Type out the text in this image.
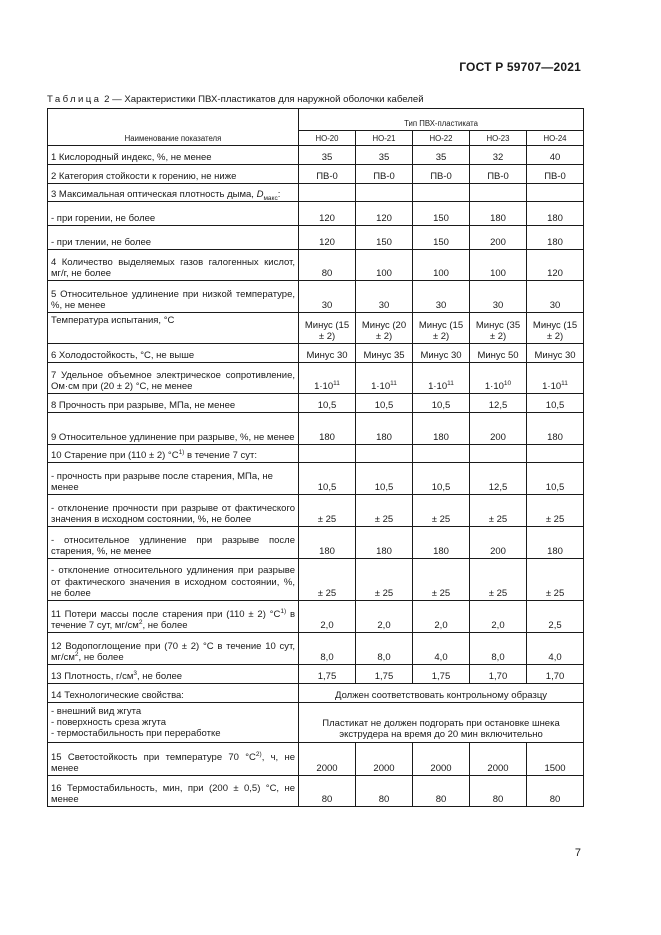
ГОСТ Р 59707—2021
Таблица 2 — Характеристики ПВХ-пластикатов для наружной оболочки кабелей
Наименование показателя	Тип ПВХ-пластиката				
	НО-20	НО-21	НО-22	НО-23	НО-24
1 Кислородный индекс, %, не менее	35	35	35	32	40
2 Категория стойкости к горению, не ниже	ПВ-0	ПВ-0	ПВ-0	ПВ-0	ПВ-0
3 Максимальная оптическая плотность дыма, $D_{макс}$:					
- при горении, не более	120	120	150	180	180
- при тлении, не более	120	150	150	200	180
4 Количество выделяемых газов галогенных кислот, мг/г, не более	80	100	100	100	120
5 Относительное удлинение при низкой температуре, %, не менее	30	30	30	30	30
Температура испытания, °С	Минус (15 ± 2)	Минус (20 ± 2)	Минус (15 ± 2)	Минус (35 ± 2)	Минус (15 ± 2)
6 Холодостойкость, °С, не выше	Минус 30	Минус 35	Минус 30	Минус 50	Минус 30
7 Удельное объемное электрическое сопротивление, Ом·см при (20 ± 2) °С, не менее	$1\cdot 10^{11}$	$1\cdot 10^{11}$	$1\cdot 10^{11}$	$1\cdot 10^{10}$	$1\cdot 10^{11}$
8 Прочность при разрыве, МПа, не менее	10,5	10,5	10,5	12,5	10,5
9 Относительное удлинение при разрыве, %, не менее	180	180	180	200	180
10 Старение при (110 ± 2) $^\circ С^{1)}$ в течение 7 сут:					
- прочность при разрыве после старения, МПа, не менее	10,5	10,5	10,5	12,5	10,5
- отклонение прочности при разрыве от фактического значения в исходном состоянии, %, не более	± 25	± 25	± 25	± 25	± 25
- относительное удлинение при разрыве после старения, %, не менее	180	180	180	200	180
- отклонение относительного удлинения при разрыве от фактического значения в исходном состоянии, %, не более	± 25	± 25	± 25	± 25	± 25
11 Потери массы после старения при (110 ± 2) $^\circ С^{1)}$ в течение 7 сут, $мг/см^2$, не более	2,0	2,0	2,0	2,0	2,5
12 Водопоглощение при (70 ± 2) °С в течение 10 сут, $мг/см^2$, не более	8,0	8,0	4,0	8,0	4,0
13 Плотность, $г/см^3$, не более	1,75	1,75	1,75	1,70	1,70
14 Технологические свойства:	Должен соответствовать контрольному образцу				

- внешний вид жгута
- поверхность среза жгута
- термостабильность при переработке	Пластикат не должен подгорать при остановке шнека экструдера на время до 20 мин включительно				
15 Светостойкость при температуре 70 $^\circ С^{2)}$, ч, не менее	2000	2000	2000	2000	1500
16 Термостабильность, мин, при (200 ± 0,5) °С, не менее	80	80	80	80	80
7
